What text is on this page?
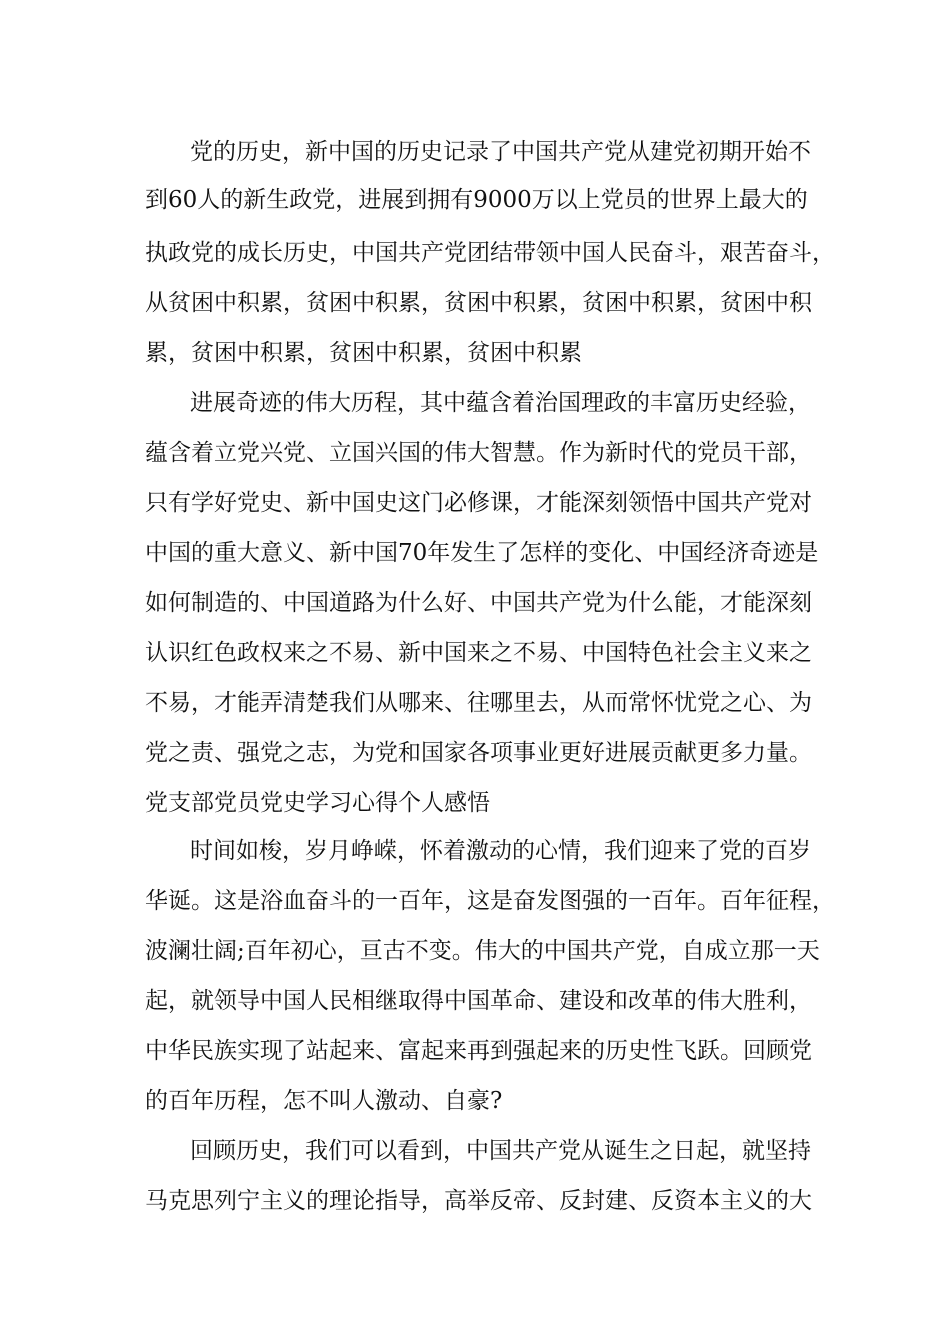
党的历史，新中国的历史记录了中国共产党从建党初期开始不
到60人的新生政党，进展到拥有9000万以上党员的世界上最大的
执政党的成长历史，中国共产党团结带领中国人民奋斗，艰苦奋斗，
从贫困中积累，贫困中积累，贫困中积累，贫困中积累，贫困中积
累，贫困中积累，贫困中积累，贫困中积累
进展奇迹的伟大历程，其中蕴含着治国理政的丰富历史经验，
蕴含着立党兴党、立国兴国的伟大智慧。作为新时代的党员干部，
只有学好党史、新中国史这门必修课，才能深刻领悟中国共产党对
中国的重大意义、新中国70年发生了怎样的变化、中国经济奇迹是
如何制造的、中国道路为什么好、中国共产党为什么能，才能深刻
认识红色政权来之不易、新中国来之不易、中国特色社会主义来之
不易，才能弄清楚我们从哪来、往哪里去，从而常怀忧党之心、为
党之责、强党之志，为党和国家各项事业更好进展贡献更多力量。
党支部党员党史学习心得个人感悟
时间如梭，岁月峥嵘，怀着激动的心情，我们迎来了党的百岁
华诞。这是浴血奋斗的一百年，这是奋发图强的一百年。百年征程，
波澜壮阔;百年初心，亘古不变。伟大的中国共产党，自成立那一天
起，就领导中国人民相继取得中国革命、建设和改革的伟大胜利，
中华民族实现了站起来、富起来再到强起来的历史性飞跃。回顾党
的百年历程，怎不叫人激动、自豪?
回顾历史，我们可以看到，中国共产党从诞生之日起，就坚持
马克思列宁主义的理论指导，高举反帝、反封建、反资本主义的大
